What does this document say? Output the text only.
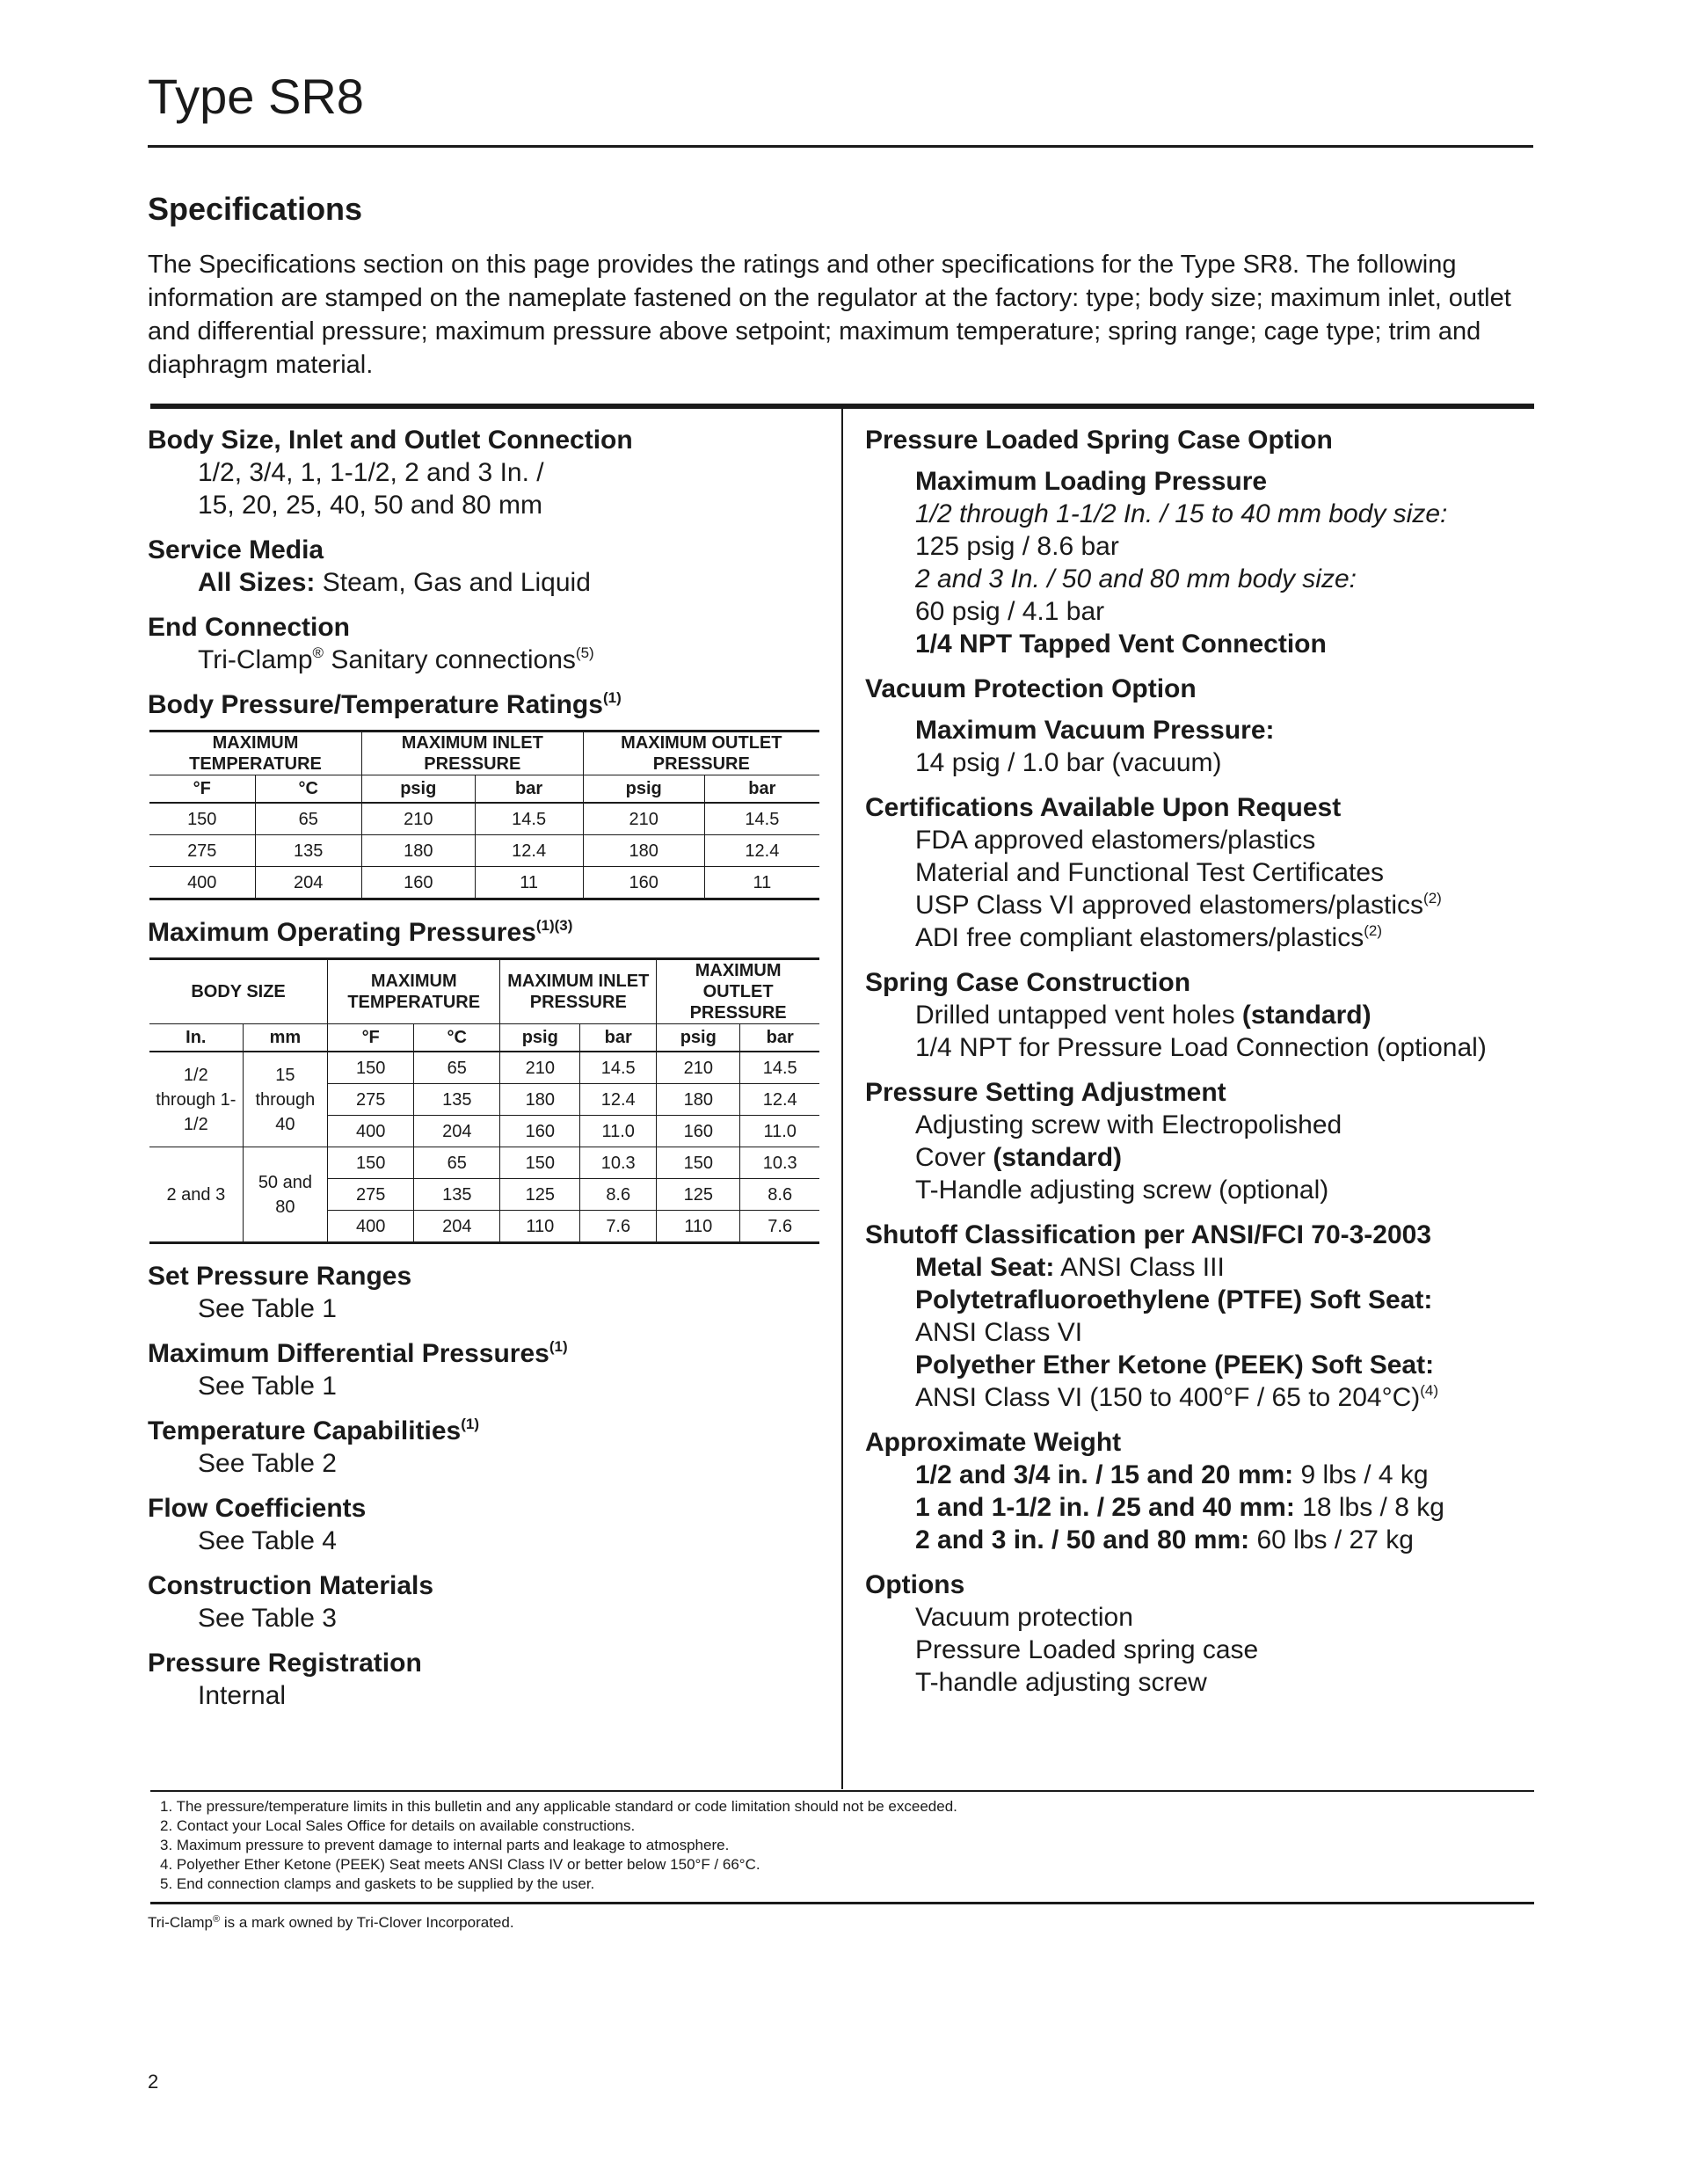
Type SR8
Specifications

The Specifications section on this page provides the ratings and other specifications for the Type SR8. The following information are stamped on the nameplate fastened on the regulator at the factory: type; body size; maximum inlet, outlet and differential pressure; maximum pressure above setpoint; maximum temperature; spring range; cage type; trim and diaphragm material.

Body Size, Inlet and Outlet Connection
1/2, 3/4, 1, 1-1/2, 2 and 3 In. /
15, 20, 25, 40, 50 and 80 mm
Service Media
All Sizes: Steam, Gas and Liquid
End Connection
Tri-Clamp® Sanitary connections$^{(5)}$
Body Pressure/Temperature Ratings$^{(1)}$
MAXIMUM TEMPERATURE		MAXIMUM INLET PRESSURE		MAXIMUM OUTLET PRESSURE	
°F	°C	psig	bar	psig	bar
150	65	210	14.5	210	14.5
275	135	180	12.4	180	12.4
400	204	160	11	160	11
Maximum Operating Pressures$^{(1)(3)}$
BODY SIZE		MAXIMUM TEMPERATURE		MAXIMUM INLET PRESSURE		MAXIMUM OUTLET PRESSURE	
In.	mm	°F	°C	psig	bar	psig	bar
1/2 through 1-1/2	15 through 40	150	65	210	14.5	210	14.5
		275	135	180	12.4	180	12.4
		400	204	160	11.0	160	11.0
2 and 3	50 and 80	150	65	150	10.3	150	10.3
		275	135	125	8.6	125	8.6
		400	204	110	7.6	110	7.6
Set Pressure Ranges
See Table 1
Maximum Differential Pressures$^{(1)}$
See Table 1
Temperature Capabilities$^{(1)}$
See Table 2
Flow Coefficients
See Table 4
Construction Materials
See Table 3
Pressure Registration
Internal
Pressure Loaded Spring Case Option
Maximum Loading Pressure
1/2 through 1-1/2 In. / 15 to 40 mm body size:
125 psig / 8.6 bar
2 and 3 In. / 50 and 80 mm body size:
60 psig / 4.1 bar
1/4 NPT Tapped Vent Connection
Vacuum Protection Option
Maximum Vacuum Pressure:
14 psig / 1.0 bar (vacuum)
Certifications Available Upon Request
FDA approved elastomers/plastics
Material and Functional Test Certificates
USP Class VI approved elastomers/plastics$^{(2)}$
ADI free compliant elastomers/plastics$^{(2)}$
Spring Case Construction
Drilled untapped vent holes (standard)
1/4 NPT for Pressure Load Connection (optional)
Pressure Setting Adjustment
Adjusting screw with Electropolished
Cover (standard)
T-Handle adjusting screw (optional)
Shutoff Classification per ANSI/FCI 70-3-2003
Metal Seat: ANSI Class III
Polytetrafluoroethylene (PTFE) Soft Seat:
ANSI Class VI
Polyether Ether Ketone (PEEK) Soft Seat:
ANSI Class VI (150 to 400°F / 65 to 204°C)$^{(4)}$
Approximate Weight
1/2 and 3/4 in. / 15 and 20 mm: 9 lbs / 4 kg
1 and 1-1/2 in. / 25 and 40 mm: 18 lbs / 8 kg
2 and 3 in. / 50 and 80 mm: 60 lbs / 27 kg
Options
Vacuum protection
Pressure Loaded spring case
T-handle adjusting screw
1. The pressure/temperature limits in this bulletin and any applicable standard or code limitation should not be exceeded.
2. Contact your Local Sales Office for details on available constructions.
3. Maximum pressure to prevent damage to internal parts and leakage to atmosphere.
4. Polyether Ether Ketone (PEEK) Seat meets ANSI Class IV or better below 150°F / 66°C.
5. End connection clamps and gaskets to be supplied by the user.
Tri-Clamp® is a mark owned by Tri-Clover Incorporated.
2
